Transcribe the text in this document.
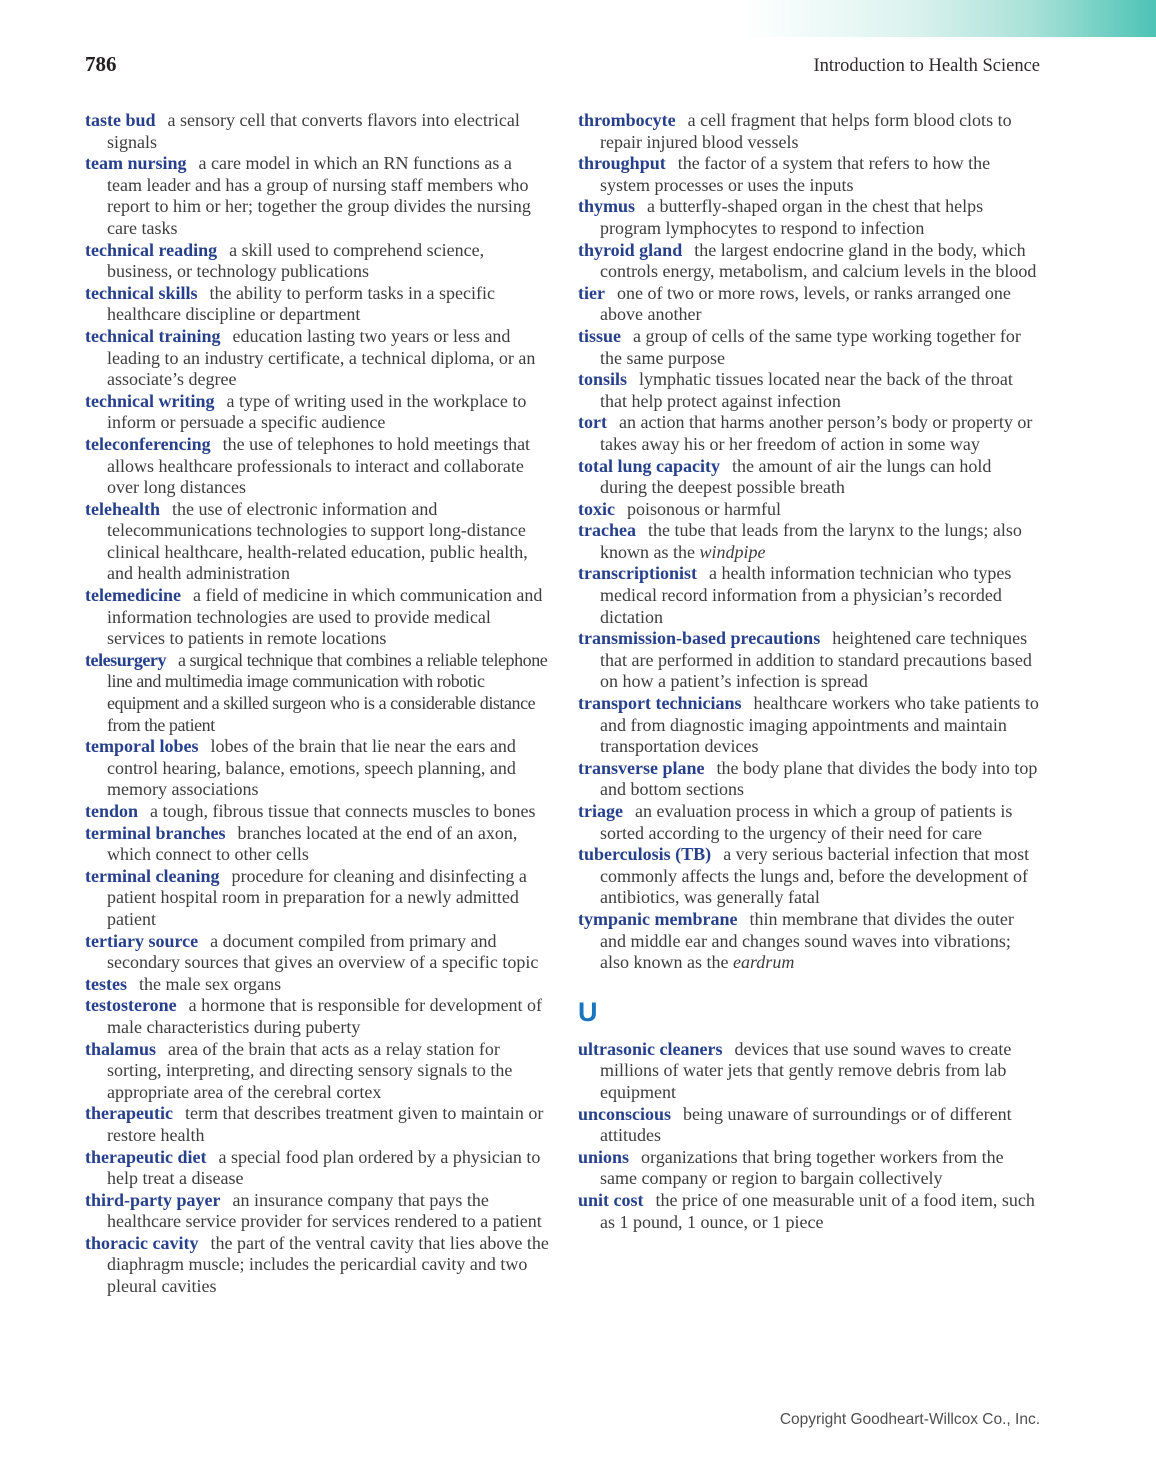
786	Introduction to Health Science

taste bud a sensory cell that converts flavors into electrical signals

team nursing a care model in which an RN functions as a team leader and has a group of nursing staff members who report to him or her; together the group divides the nursing care tasks

technical reading a skill used to comprehend science, business, or technology publications

technical skills the ability to perform tasks in a specific healthcare discipline or department

technical training education lasting two years or less and leading to an industry certificate, a technical diploma, or an associate’s degree

technical writing a type of writing used in the workplace to inform or persuade a specific audience

teleconferencing the use of telephones to hold meetings that allows healthcare professionals to interact and collaborate over long distances

telehealth the use of electronic information and telecommunications technologies to support long-distance clinical healthcare, health-related education, public health, and health administration

telemedicine a field of medicine in which communication and information technologies are used to provide medical services to patients in remote locations

telesurgery a surgical technique that combines a reliable telephone line and multimedia image communication with robotic equipment and a skilled surgeon who is a considerable distance from the patient

temporal lobes lobes of the brain that lie near the ears and control hearing, balance, emotions, speech planning, and memory associations

tendon a tough, fibrous tissue that connects muscles to bones

terminal branches branches located at the end of an axon, which connect to other cells

terminal cleaning procedure for cleaning and disinfecting a patient hospital room in preparation for a newly admitted patient

tertiary source a document compiled from primary and secondary sources that gives an overview of a specific topic

testes the male sex organs

testosterone a hormone that is responsible for development of male characteristics during puberty

thalamus area of the brain that acts as a relay station for sorting, interpreting, and directing sensory signals to the appropriate area of the cerebral cortex

therapeutic term that describes treatment given to maintain or restore health

therapeutic diet a special food plan ordered by a physician to help treat a disease

third-party payer an insurance company that pays the healthcare service provider for services rendered to a patient

thoracic cavity the part of the ventral cavity that lies above the diaphragm muscle; includes the pericardial cavity and two pleural cavities

thrombocyte a cell fragment that helps form blood clots to repair injured blood vessels

throughput the factor of a system that refers to how the system processes or uses the inputs

thymus a butterfly-shaped organ in the chest that helps program lymphocytes to respond to infection

thyroid gland the largest endocrine gland in the body, which controls energy, metabolism, and calcium levels in the blood

tier one of two or more rows, levels, or ranks arranged one above another

tissue a group of cells of the same type working together for the same purpose

tonsils lymphatic tissues located near the back of the throat that help protect against infection

tort an action that harms another person’s body or property or takes away his or her freedom of action in some way

total lung capacity the amount of air the lungs can hold during the deepest possible breath

toxic poisonous or harmful

trachea the tube that leads from the larynx to the lungs; also known as the windpipe

transcriptionist a health information technician who types medical record information from a physician’s recorded dictation

transmission-based precautions heightened care techniques that are performed in addition to standard precautions based on how a patient’s infection is spread

transport technicians healthcare workers who take patients to and from diagnostic imaging appointments and maintain transportation devices

transverse plane the body plane that divides the body into top and bottom sections

triage an evaluation process in which a group of patients is sorted according to the urgency of their need for care

tuberculosis (TB) a very serious bacterial infection that most commonly affects the lungs and, before the development of antibiotics, was generally fatal

tympanic membrane thin membrane that divides the outer and middle ear and changes sound waves into vibrations; also known as the eardrum

U

ultrasonic cleaners devices that use sound waves to create millions of water jets that gently remove debris from lab equipment

unconscious being unaware of surroundings or of different attitudes

unions organizations that bring together workers from the same company or region to bargain collectively

unit cost the price of one measurable unit of a food item, such as 1 pound, 1 ounce, or 1 piece

Copyright Goodheart-Willcox Co., Inc.
